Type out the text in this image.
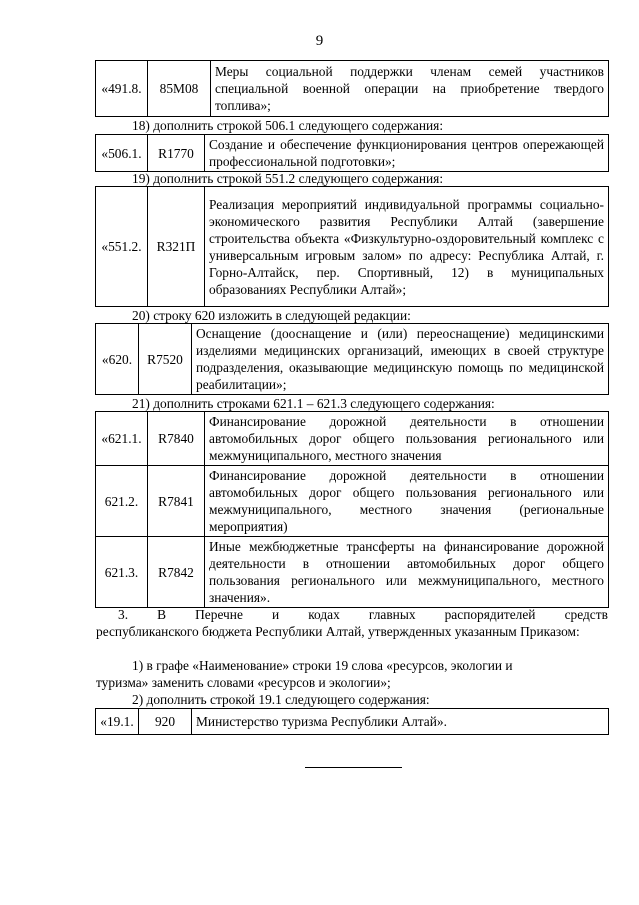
9
«491.8.	85М08	Меры социальной поддержки членам семей участников специальной военной операции на приобретение твердого топлива»;
18) дополнить строкой 506.1 следующего содержания:
«506.1.	R1770	Создание и обеспечение функционирования центров опережающей профессиональной подготовки»;
19) дополнить строкой 551.2 следующего содержания:
«551.2.	R321П	Реализация мероприятий индивидуальной программы социально-экономического развития Республики Алтай (завершение строительства объекта «Физкультурно-оздоровительный комплекс с универсальным игровым залом» по адресу: Республика Алтай, г. Горно-Алтайск, пер. Спортивный, 12) в муниципальных образованиях Республики Алтай»;
20) строку 620 изложить в следующей редакции:
«620.	R7520	Оснащение (дооснащение и (или) переоснащение) медицинскими изделиями медицинских организаций, имеющих в своей структуре подразделения, оказывающие медицинскую помощь по медицинской реабилитации»;
21) дополнить строками 621.1 – 621.3 следующего содержания:
«621.1.	R7840	Финансирование дорожной деятельности в отношении автомобильных дорог общего пользования регионального или межмуниципального, местного значения
621.2.	R7841	Финансирование дорожной деятельности в отношении автомобильных дорог общего пользования регионального или межмуниципального, местного значения (региональные мероприятия)
621.3.	R7842	Иные межбюджетные трансферты на финансирование дорожной деятельности в отношении автомобильных дорог общего пользования регионального или межмуниципального, местного значения».
3. В Перечне и кодах главных распорядителей средств
республиканского бюджета Республики Алтай, утвержденных указанным Приказом:
1) в графе «Наименование» строки 19 слова «ресурсов, экологии и
туризма» заменить словами «ресурсов и экологии»;
2) дополнить строкой 19.1 следующего содержания:
«19.1.	920	Министерство туризма Республики Алтай».
